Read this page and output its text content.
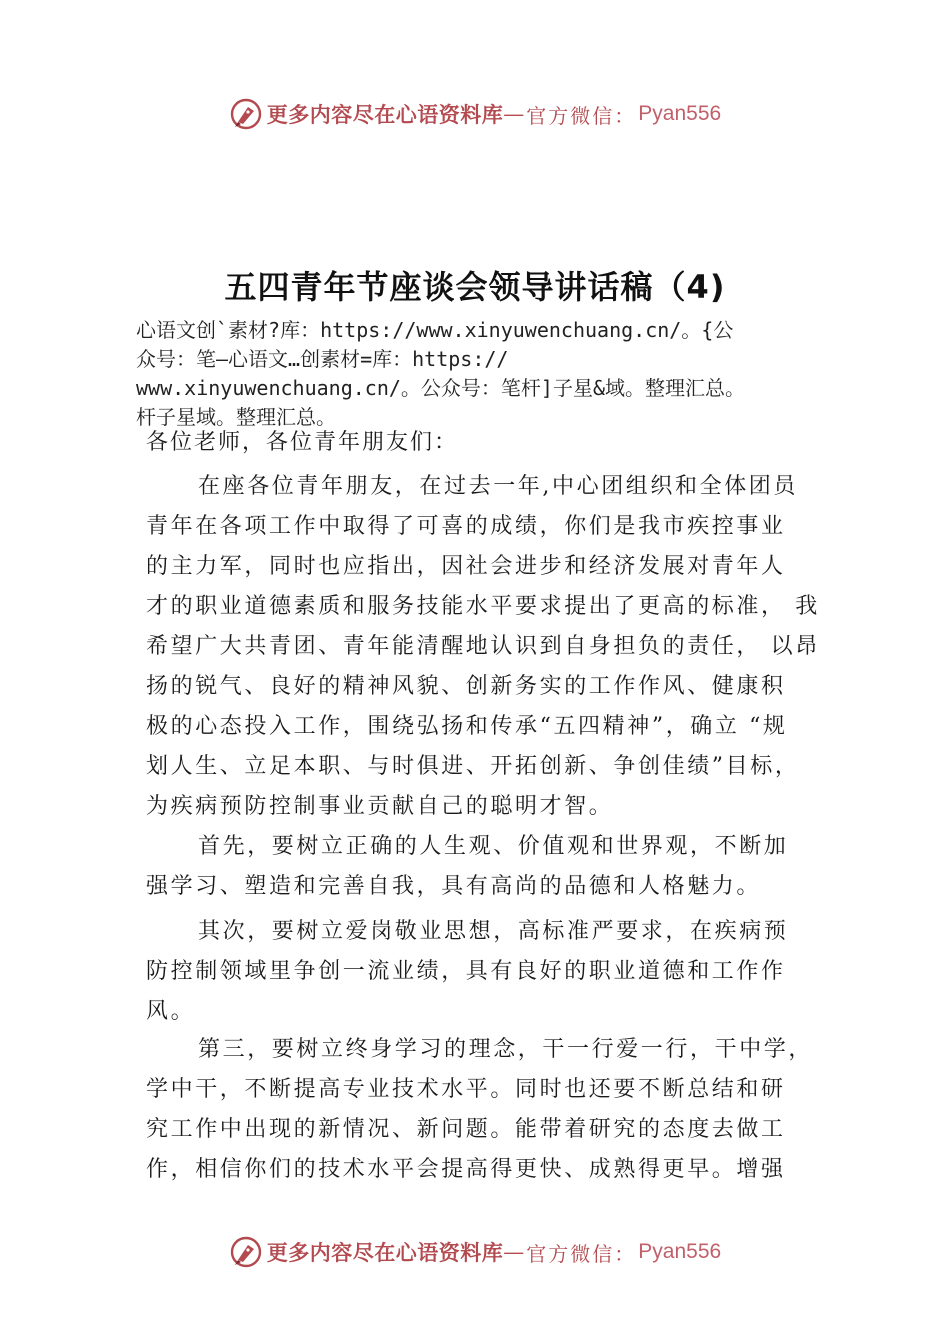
更多内容尽在心语资料库 — 官方微信： Pyan556
五四青年节座谈会领导讲话稿（4)
心语文创`素材?库：https://www.xinyuwenchuang.cn/。{公
众号：笔—心语文…创素材=库：https://
www.xinyuwenchuang.cn/。公众号：笔杆]子星&域。整理汇总。
杆子星域。整理汇总。

各位老师，各位青年朋友们：

在座各位青年朋友，在过去一年,中心团组织和全体团员
青年在各项工作中取得了可喜的成绩，你们是我市疾控事业
的主力军，同时也应指出，因社会进步和经济发展对青年人
才的职业道德素质和服务技能水平要求提出了更高的标准， 我
希望广大共青团、青年能清醒地认识到自身担负的责任， 以昂
扬的锐气、良好的精神风貌、创新务实的工作作风、健康积
极的心态投入工作，围绕弘扬和传承“五四精神”，确立 “规
划人生、立足本职、与时俱进、开拓创新、争创佳绩”目标，
为疾病预防控制事业贡献自己的聪明才智。

首先，要树立正确的人生观、价值观和世界观，不断加
强学习、塑造和完善自我，具有高尚的品德和人格魅力。

其次，要树立爱岗敬业思想，高标准严要求，在疾病预
防控制领域里争创一流业绩，具有良好的职业道德和工作作
风。

第三，要树立终身学习的理念，干一行爱一行，干中学，
学中干，不断提高专业技术水平。同时也还要不断总结和研
究工作中出现的新情况、新问题。能带着研究的态度去做工
作，相信你们的技术水平会提高得更快、成熟得更早。增强

更多内容尽在心语资料库 — 官方微信： Pyan556
